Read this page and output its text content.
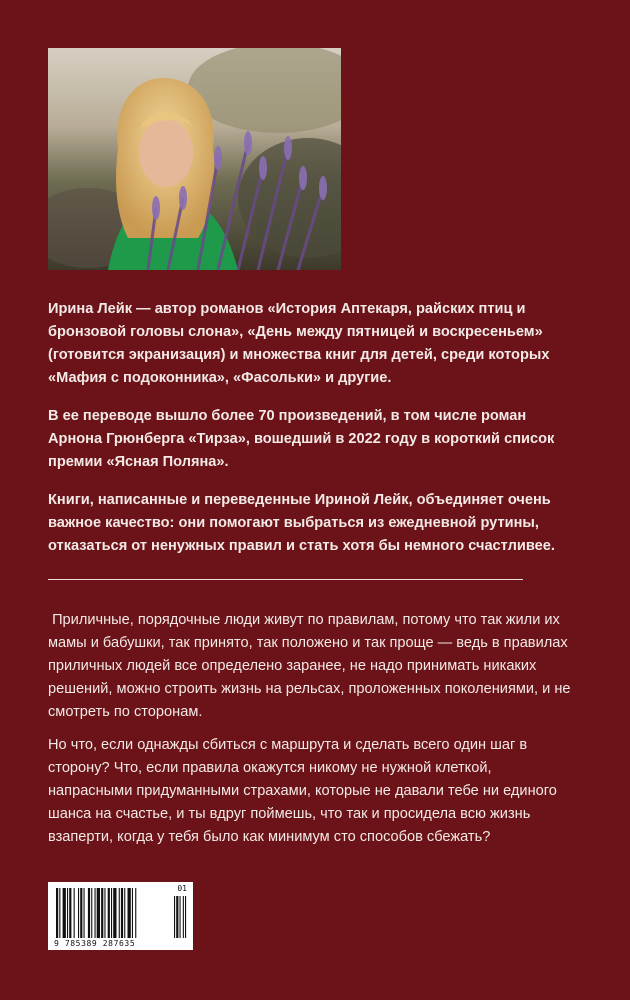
Ирина Лейк — автор романов «История Аптекаря, райских птиц и бронзовой головы слона», «День между пятницей и воскресеньем» (готовится экранизация) и множества книг для детей, среди которых «Мафия с подоконника», «Фасольки» и другие.
В ее переводе вышло более 70 произведений, в том числе роман Арнона Грюнберга «Тирза», вошедший в 2022 году в короткий список премии «Ясная Поляна».
Книги, написанные и переведенные Ириной Лейк, объединяет очень важное качество: они помогают выбраться из ежедневной рутины, отказаться от ненужных правил и стать хотя бы немного счастливее.
Приличные, порядочные люди живут по правилам, потому что так жили их мамы и бабушки, так принято, так положено и так проще — ведь в правилах приличных людей все определено заранее, не надо принимать никаких решений, можно строить жизнь на рельсах, проложенных поколениями, и не смотреть по сторонам.
Но что, если однажды сбиться с маршрута и сделать всего один шаг в сторону? Что, если правила окажутся никому не нужной клеткой, напрасными придуманными страхами, которые не давали тебе ни единого шанса на счастье, и ты вдруг поймешь, что так и просидела всю жизнь взаперти, когда у тебя было как минимум сто способов сбежать?
01
9 785389 287635
